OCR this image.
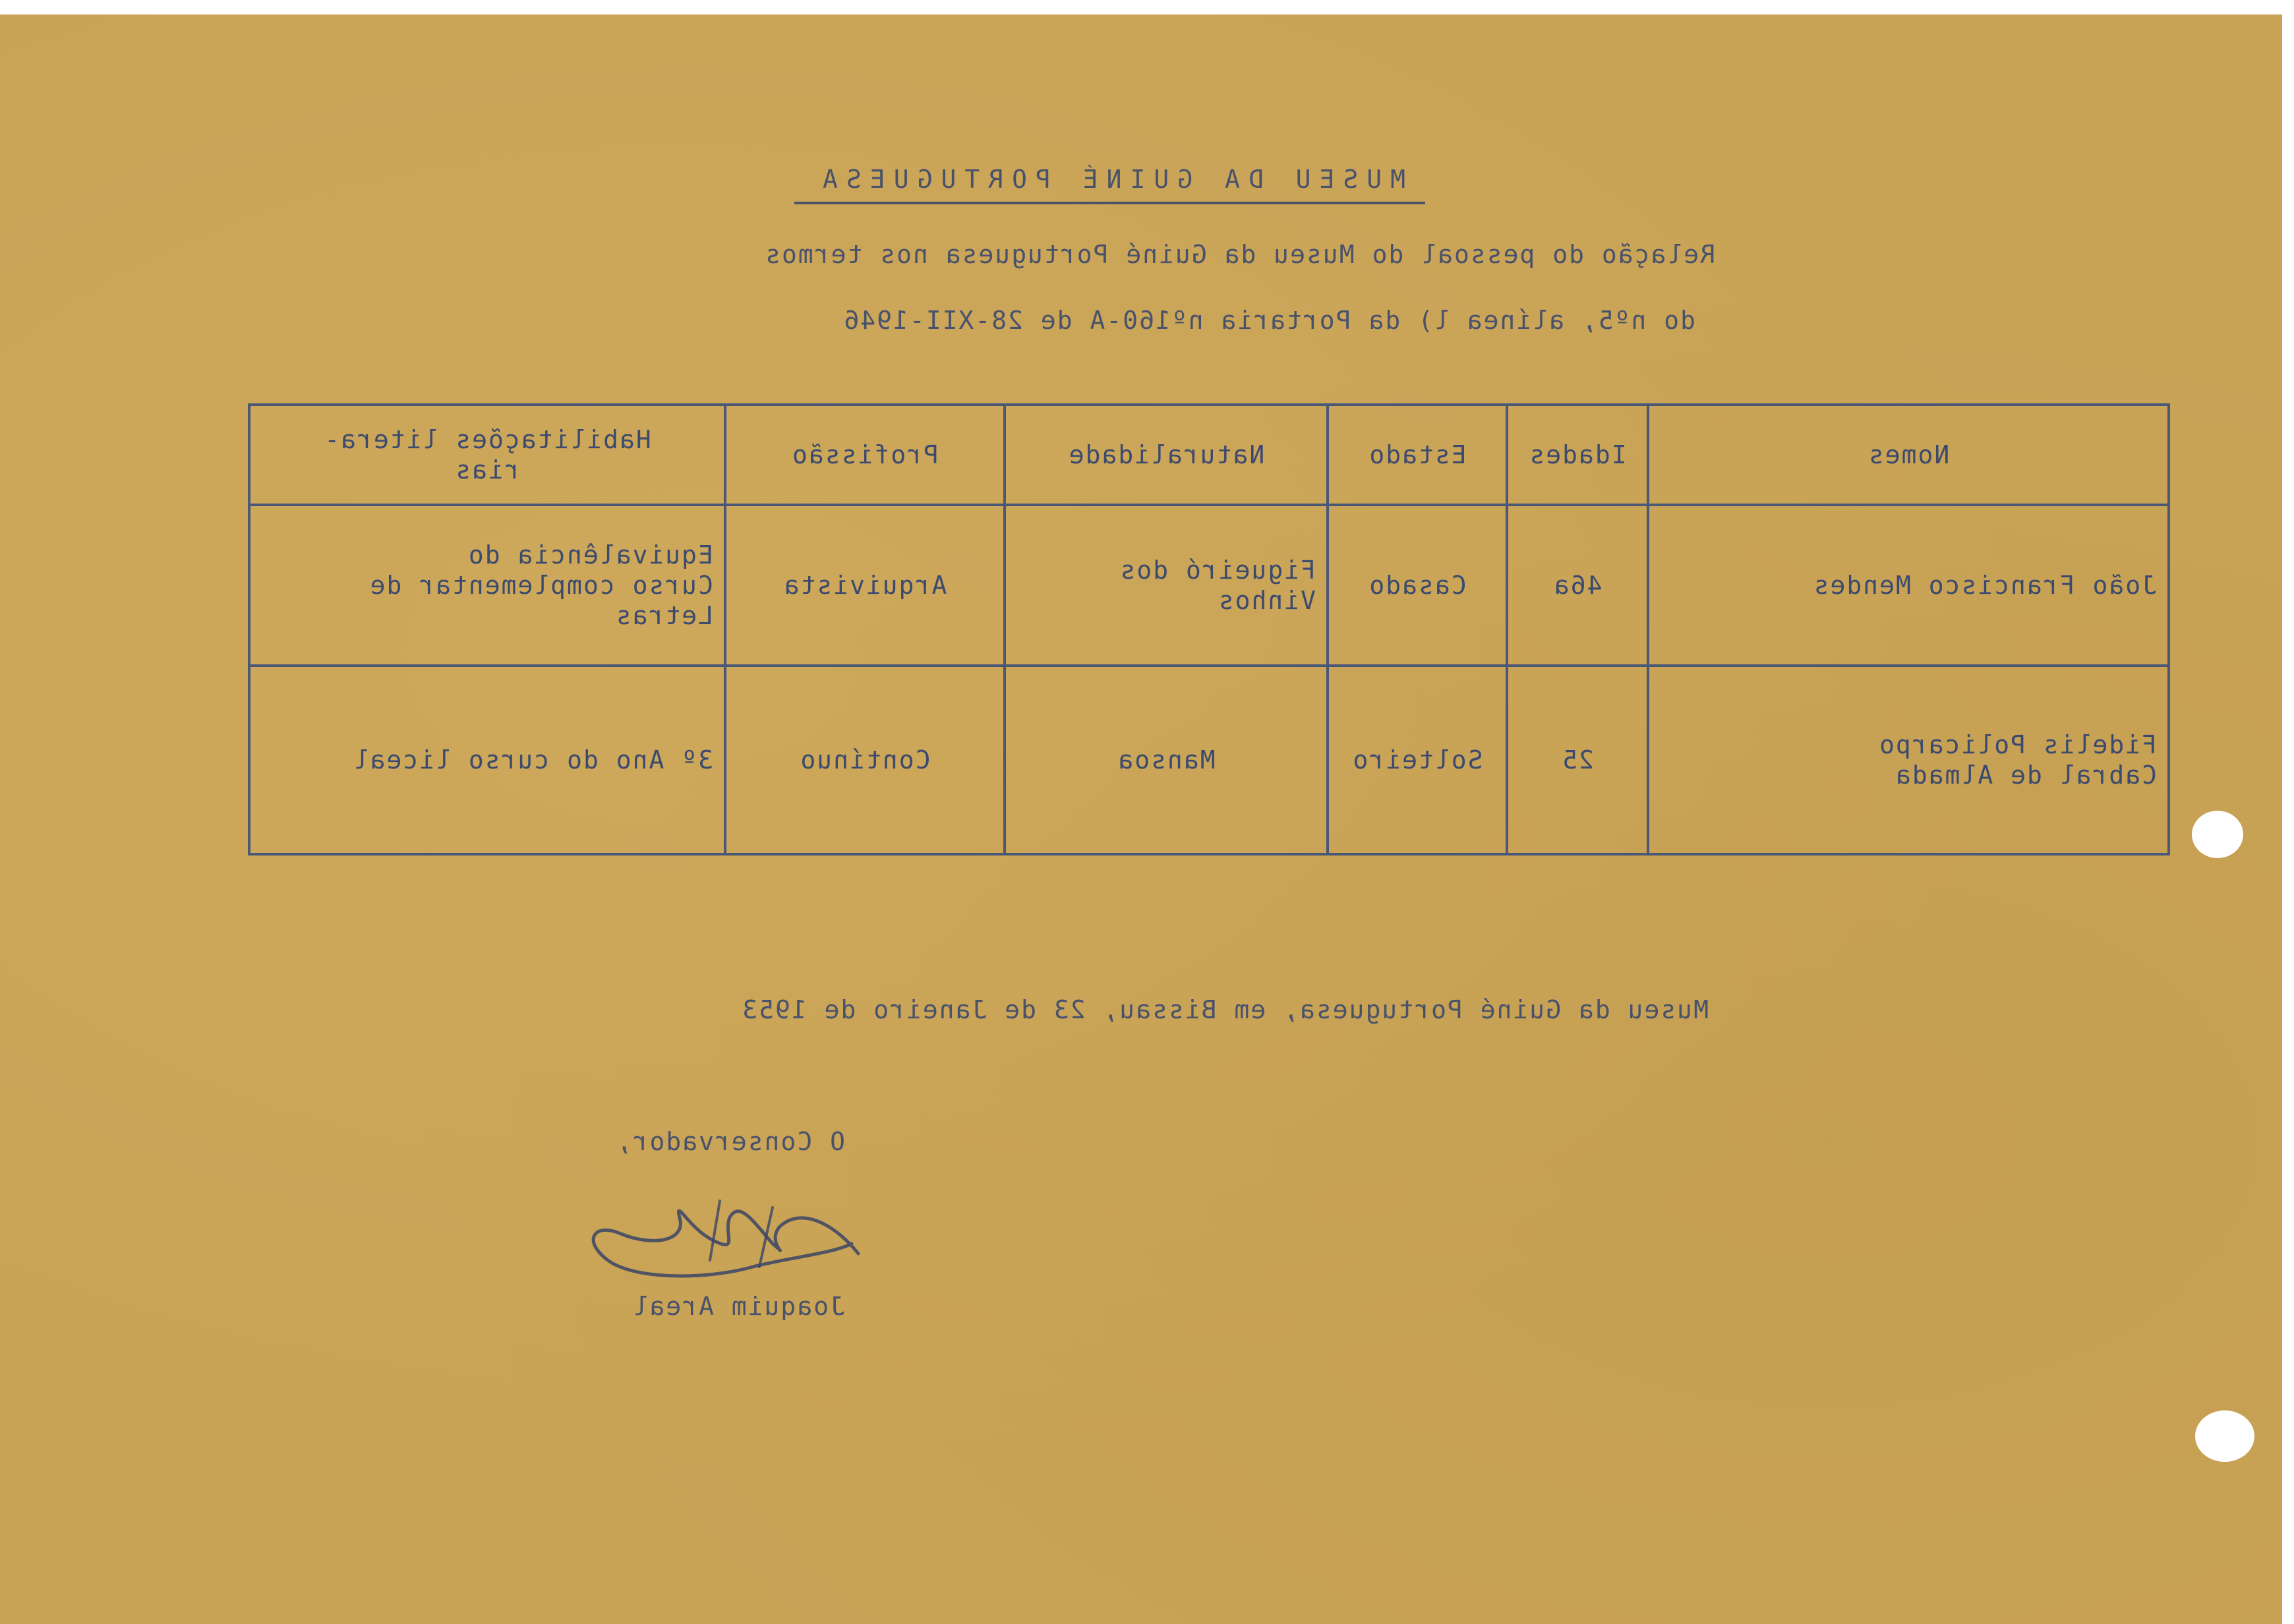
MUSEU DA GUINÉ PORTUGUESA
Relação do pessoal do Museu da Guiné Portuguesa nos termos
do nº5, alínea l) da Portaria nº160-A de 28-XII-1946
Nomes	Idades	Estado	Naturalidade	Profissão	Habilitações litera-
rias
João Francisco Mendes	46a	Casado	Figueiró dos
Vinhos	Arquivista	Equivalência do
Curso complementar de
Letras
Fidelis Policarpo
Cabral de Almada	25	Solteiro	Mansoa	Contínuo	3º Ano do curso liceal
Museu da Guiné Portuguesa, em Bissau, 23 de Janeiro de 1953
O Conservador,
Joaquim Areal
